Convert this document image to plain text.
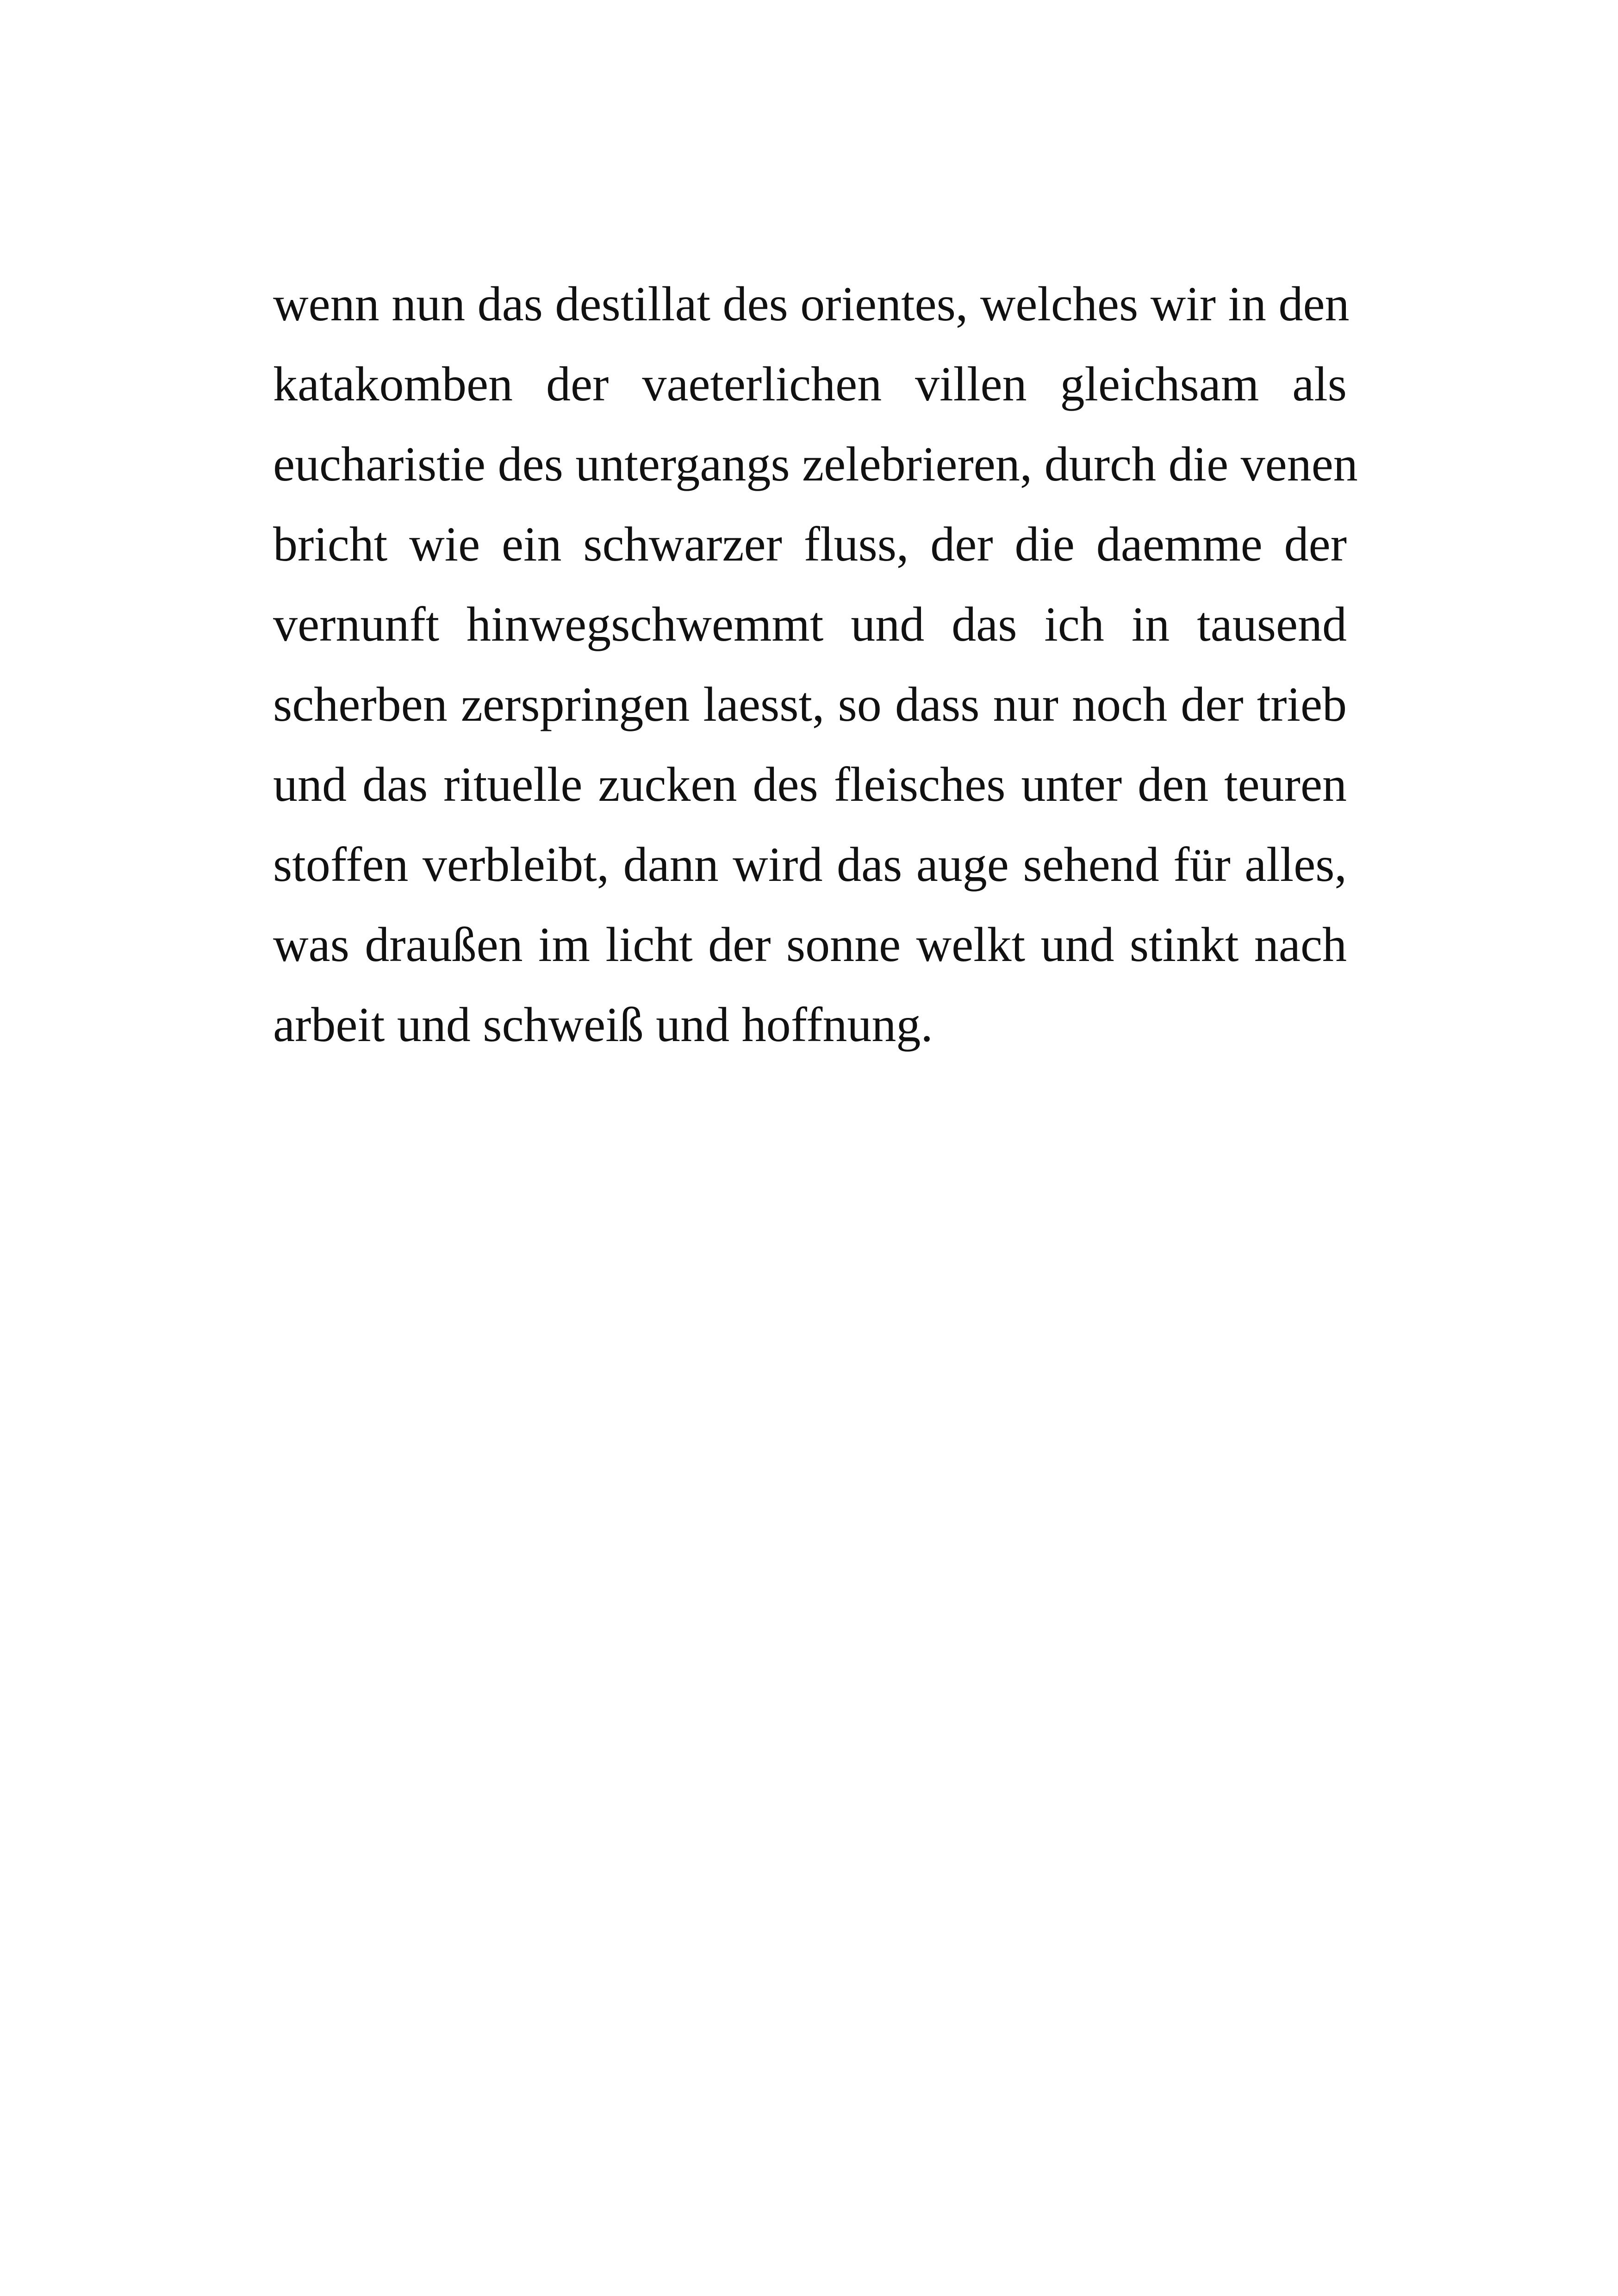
wenn nun das destillat des orientes, welches wir in den
katakomben der vaeterlichen villen gleichsam als
eucharistie des untergangs zelebrieren, durch die venen
bricht wie ein schwarzer fluss, der die daemme der
vernunft hinwegschwemmt und das ich in tausend
scherben zerspringen laesst, so dass nur noch der trieb
und das rituelle zucken des fleisches unter den teuren
stoffen verbleibt, dann wird das auge sehend für alles,
was draußen im licht der sonne welkt und stinkt nach
arbeit und schweiß und hoffnung.
